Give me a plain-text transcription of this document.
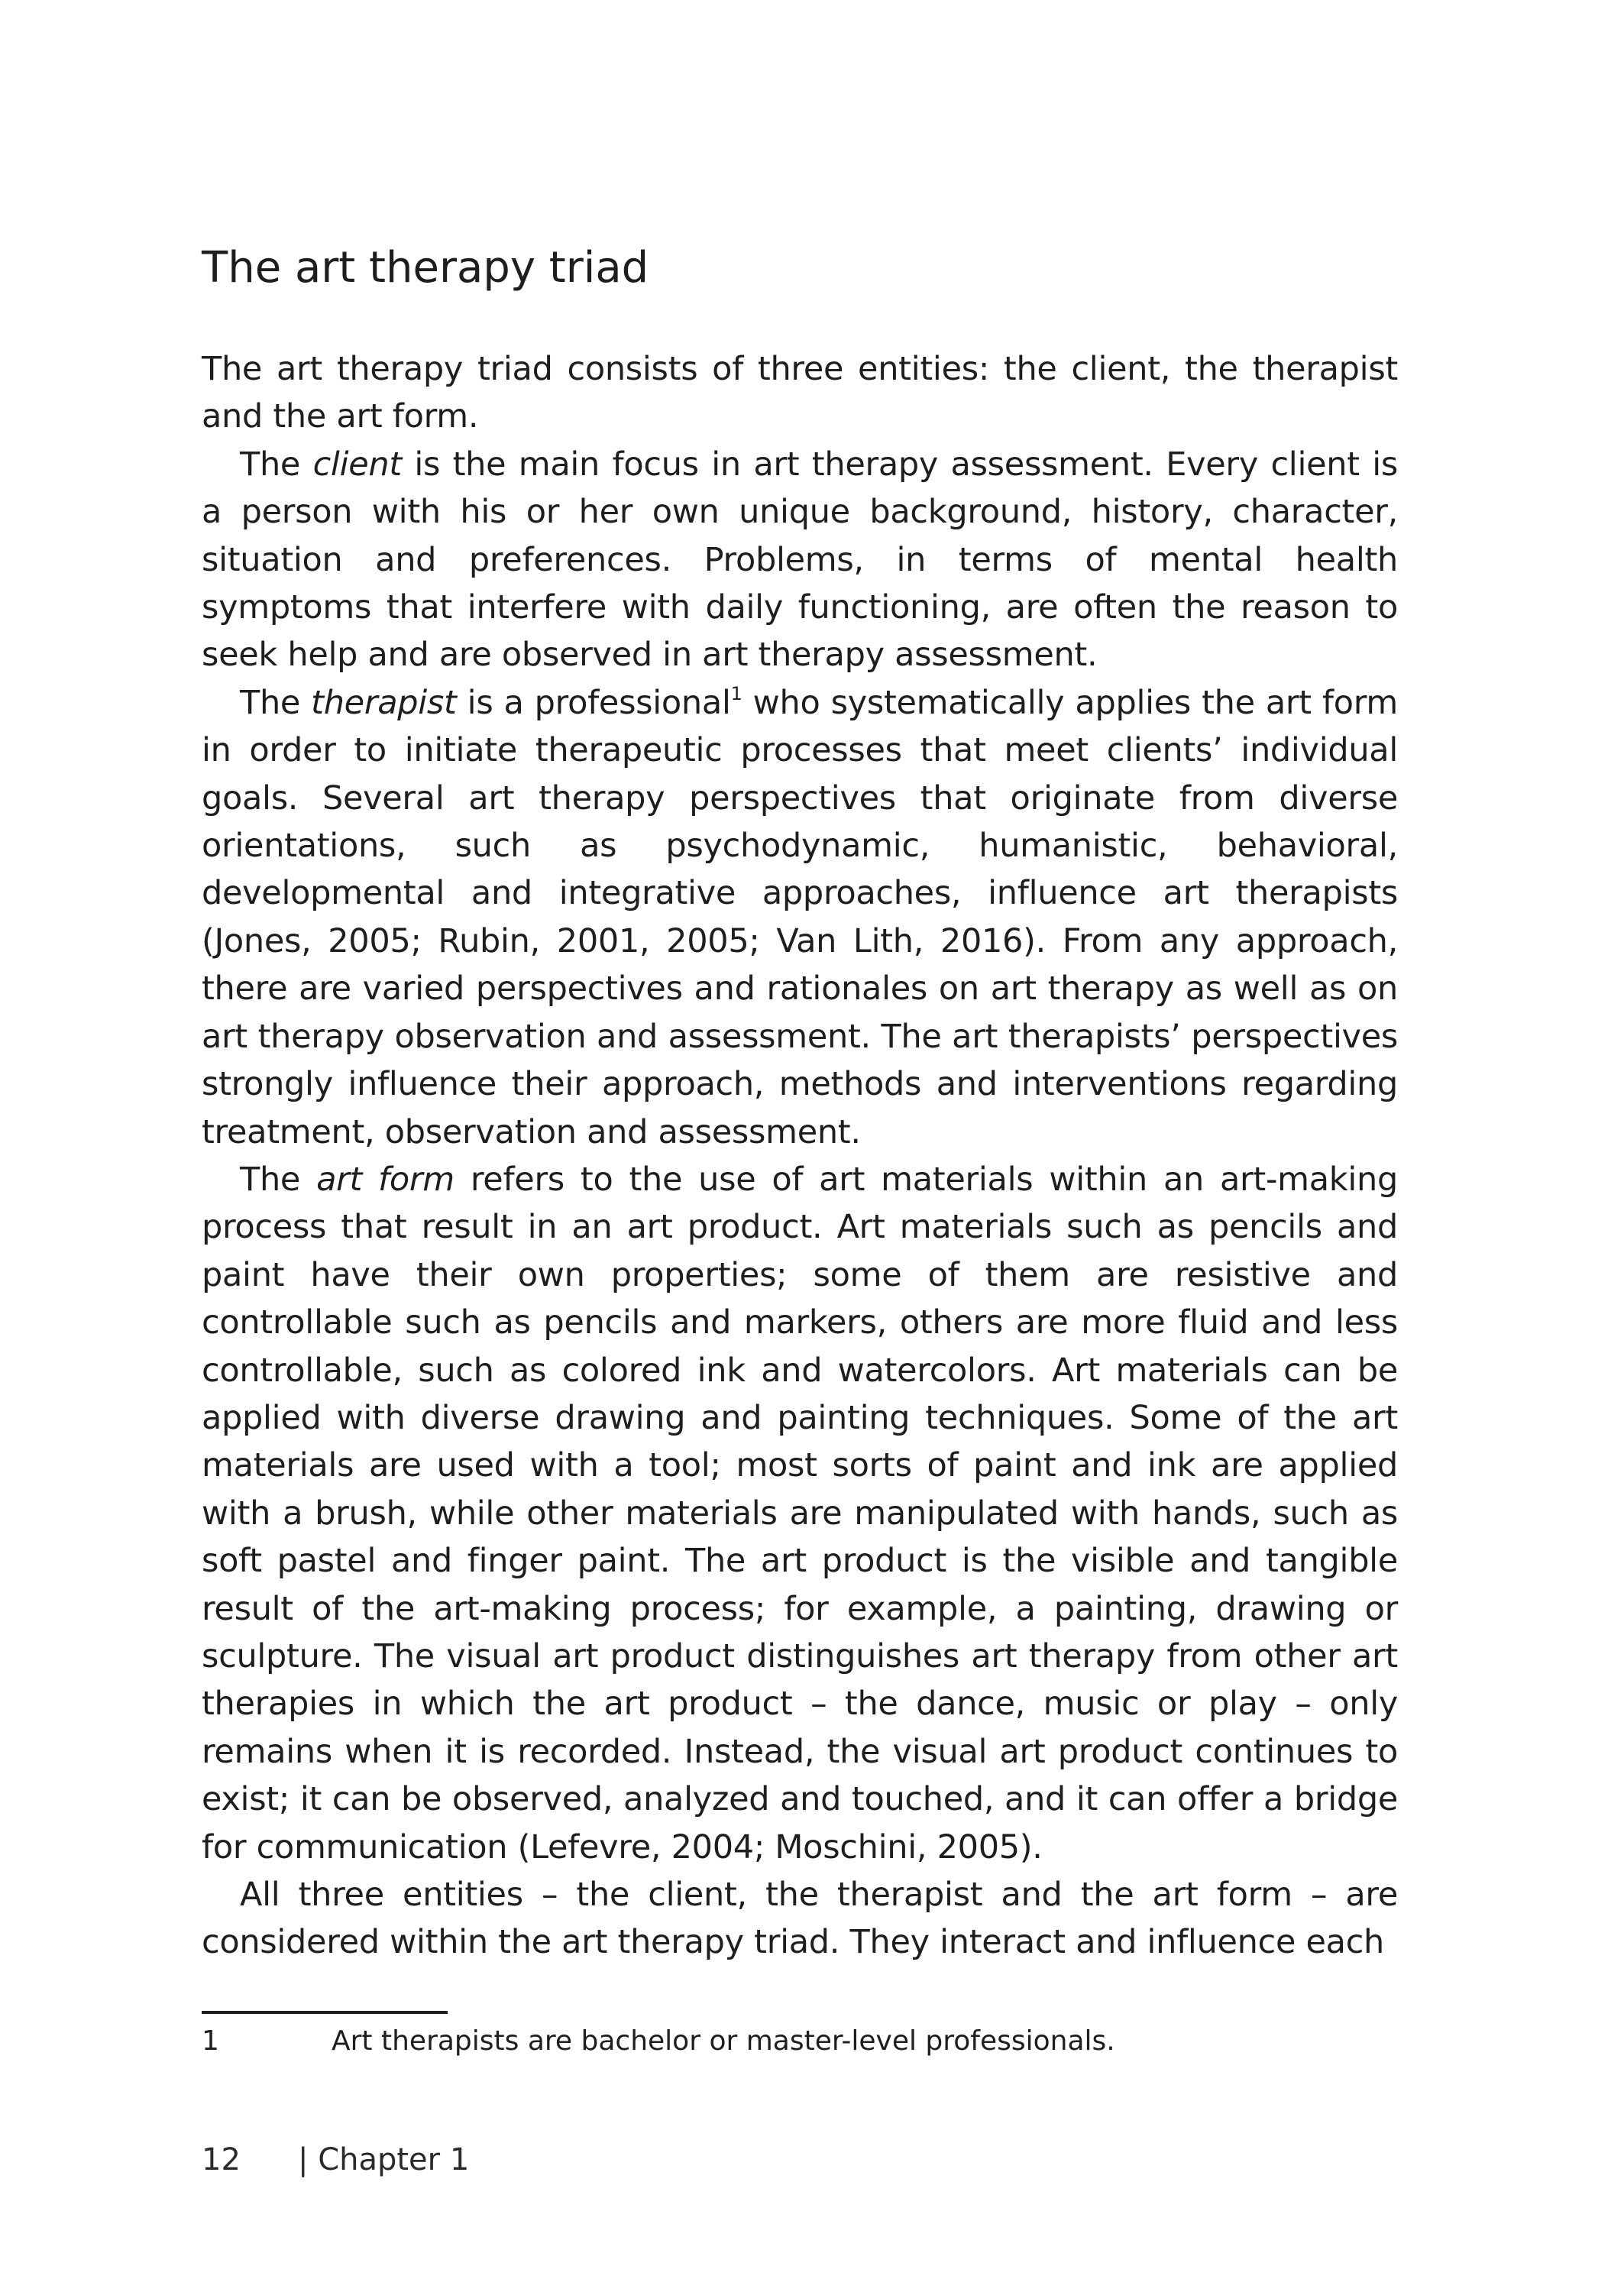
The art therapy triad

The art therapy triad consists of three entities: the client, the therapist and the art form.

The client is the main focus in art therapy assessment. Every client is a person with his or her own unique background, history, character, situation and preferences. Problems, in terms of mental health symptoms that interfere with daily functioning, are often the reason to seek help and are observed in art therapy assessment.

The therapist is a professional$^1$ who systematically applies the art form in order to initiate therapeutic processes that meet clients’ individual goals. Several art therapy perspectives that originate from diverse orientations, such as psychodynamic, humanistic, behavioral, developmental and integrative approaches, influence art therapists (Jones, 2005; Rubin, 2001, 2005; Van Lith, 2016). From any approach, there are varied perspectives and rationales on art therapy as well as on art therapy observation and assessment. The art therapists’ perspectives strongly influence their approach, methods and interventions regarding treatment, observation and assessment.

The art form refers to the use of art materials within an art-making process that result in an art product. Art materials such as pencils and paint have their own properties; some of them are resistive and controllable such as pencils and markers, others are more fluid and less controllable, such as colored ink and watercolors. Art materials can be applied with diverse drawing and painting techniques. Some of the art materials are used with a tool; most sorts of paint and ink are applied with a brush, while other materials are manipulated with hands, such as soft pastel and finger paint. The art product is the visible and tangible result of the art-making process; for example, a painting, drawing or sculpture. The visual art product distinguishes art therapy from other art therapies in which the art product – the dance, music or play – only remains when it is recorded. Instead, the visual art product continues to exist; it can be observed, analyzed and touched, and it can offer a bridge for communication (Lefevre, 2004; Moschini, 2005).

All three entities – the client, the therapist and the art form – are considered within the art therapy triad. They interact and influence each

1	Art therapists are bachelor or master-level professionals.
12 | Chapter 1
